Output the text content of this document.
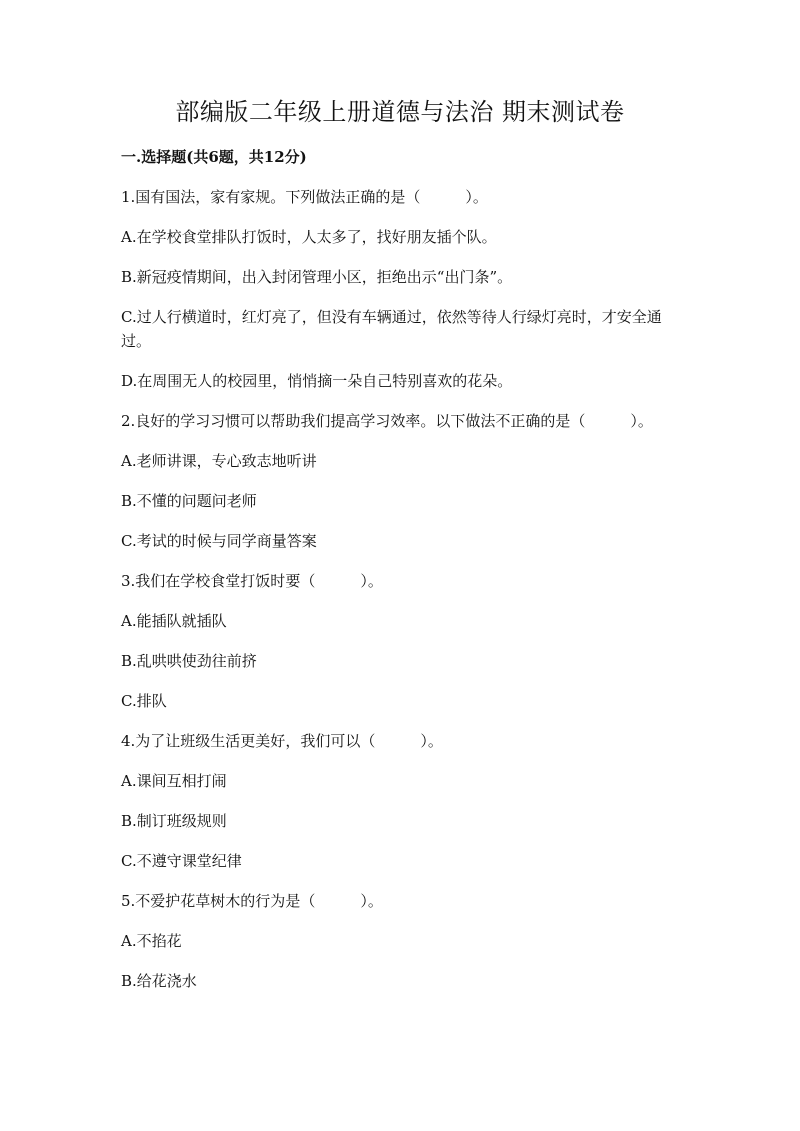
部编版二年级上册道德与法治 期末测试卷
一.选择题(共6题，共12分)

1.国有国法，家有家规。下列做法正确的是（　　　）。

A.在学校食堂排队打饭时，人太多了，找好朋友插个队。

B.新冠疫情期间，出入封闭管理小区，拒绝出示“出门条”。

C.过人行横道时，红灯亮了，但没有车辆通过，依然等待人行绿灯亮时，才安全通过。

D.在周围无人的校园里，悄悄摘一朵自己特别喜欢的花朵。

2.良好的学习习惯可以帮助我们提高学习效率。以下做法不正确的是（　　　）。

A.老师讲课，专心致志地听讲

B.不懂的问题问老师

C.考试的时候与同学商量答案

3.我们在学校食堂打饭时要（　　　）。

A.能插队就插队

B.乱哄哄使劲往前挤

C.排队

4.为了让班级生活更美好，我们可以（　　　）。

A.课间互相打闹

B.制订班级规则

C.不遵守课堂纪律

5.不爱护花草树木的行为是（　　　）。

A.不掐花

B.给花浇水
